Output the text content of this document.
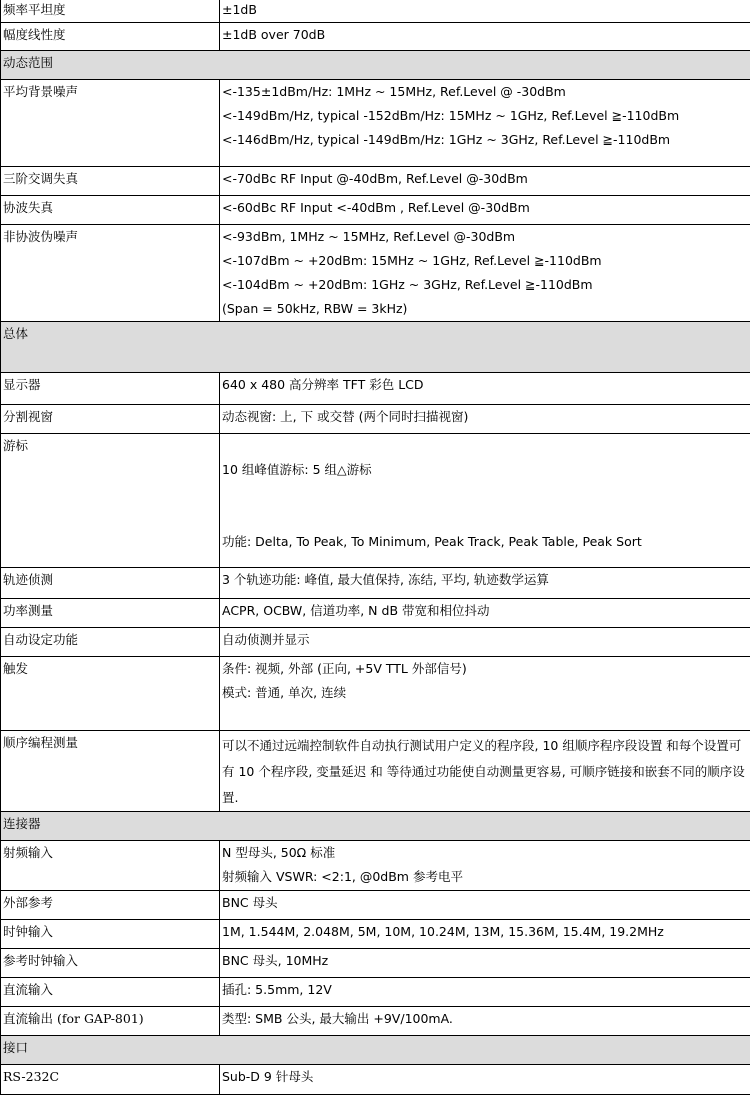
频率平坦度	±1dB

幅度线性度	±1dB over 70dB

动态范围	
平均背景噪声	<-135±1dBm/Hz: 1MHz ~ 15MHz, Ref.Level @ -30dBm
<-149dBm/Hz, typical -152dBm/Hz: 15MHz ~ 1GHz, Ref.Level ≧-110dBm
<-146dBm/Hz, typical -149dBm/Hz: 1GHz ~ 3GHz, Ref.Level ≧-110dBm

三阶交调失真	<-70dBc RF Input @-40dBm, Ref.Level @-30dBm

协波失真	<-60dBc RF Input <-40dBm , Ref.Level @-30dBm

非协波伪噪声	<-93dBm, 1MHz ~ 15MHz, Ref.Level @-30dBm
<-107dBm ~ +20dBm: 15MHz ~ 1GHz, Ref.Level ≧-110dBm
<-104dBm ~ +20dBm: 1GHz ~ 3GHz, Ref.Level ≧-110dBm
(Span = 50kHz, RBW = 3kHz)

总体	
显示器	640 x 480 高分辨率 TFT 彩色 LCD

分割视窗	动态视窗: 上, 下 或交替 (两个同时扫描视窗)

游标	10 组峰值游标: 5 组△游标

功能: Delta, To Peak, To Minimum, Peak Track, Peak Table, Peak Sort

轨迹侦测	3 个轨迹功能: 峰值, 最大值保持, 冻结, 平均, 轨迹数学运算

功率测量	ACPR, OCBW, 信道功率, N dB 带宽和相位抖动

自动设定功能	自动侦测并显示

触发	条件: 视频, 外部 (正向, +5V TTL 外部信号)
模式: 普通, 单次, 连续

顺序编程测量	可以不通过远端控制软件自动执行测试用户定义的程序段, 10 组顺序程序段设置 和每个设置可有 10 个程序段, 变量延迟 和 等待通过功能使自动测量更容易, 可顺序链接和嵌套不同的顺序设置.

连接器	
射频输入	N 型母头, 50Ω 标准
射频输入 VSWR: <2:1, @0dBm 参考电平

外部参考	BNC 母头

时钟输入	1M, 1.544M, 2.048M, 5M, 10M, 10.24M, 13M, 15.36M, 15.4M, 19.2MHz

参考时钟输入	BNC 母头, 10MHz

直流输入	插孔: 5.5mm, 12V

直流输出 (for GAP-801)	类型: SMB 公头, 最大输出 +9V/100mA.

接口	
RS-232C	Sub-D 9 针母头
